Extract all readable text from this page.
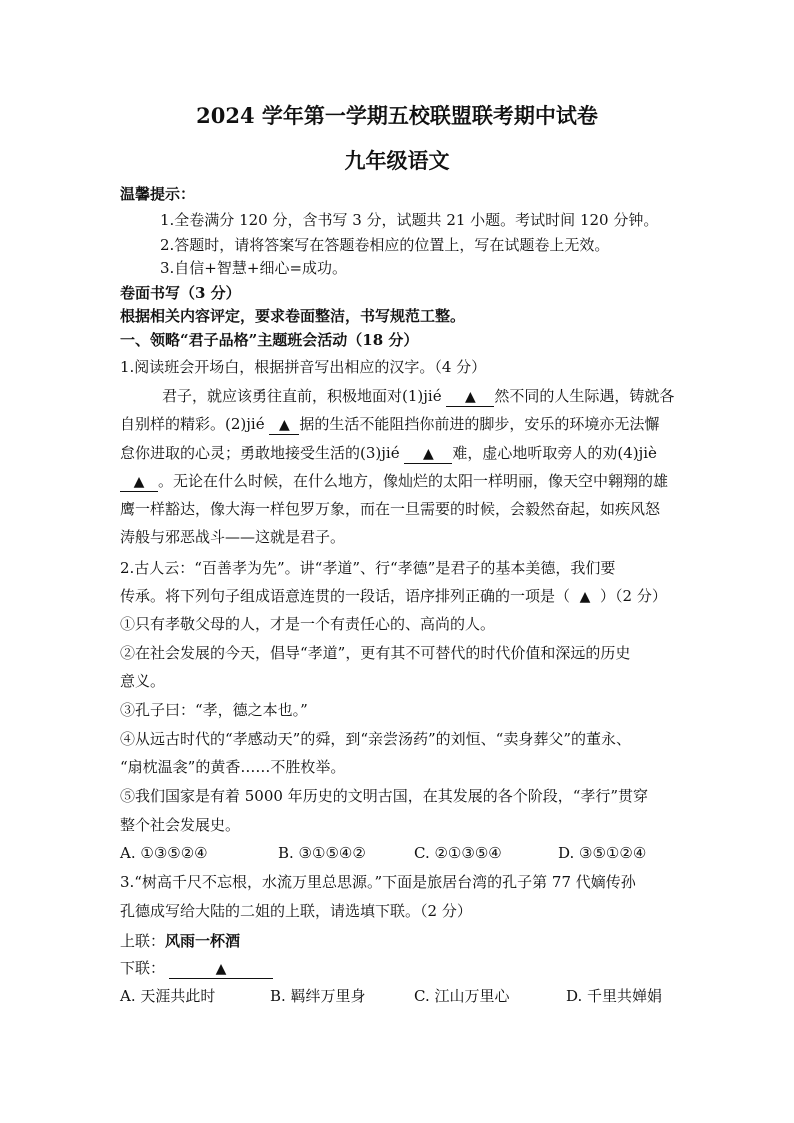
2024 学年第一学期五校联盟联考期中试卷
九年级语文
温馨提示：
1.全卷满分 120 分，含书写 3 分，试题共 21 小题。考试时间 120 分钟。
2.答题时，请将答案写在答题卷相应的位置上，写在试题卷上无效。
3.自信+智慧+细心=成功。
卷面书写（3 分）
根据相关内容评定，要求卷面整洁，书写规范工整。
一、领略“君子品格”主题班会活动（18 分）
1.阅读班会开场白，根据拼音写出相应的汉字。（4 分）
君子，就应该勇往直前，积极地面对(1)jié ▲ 然不同的人生际遇，铸就各
自别样的精彩。(2)jié ▲ 据的生活不能阻挡你前进的脚步，安乐的环境亦无法懈
怠你进取的心灵；勇敢地接受生活的(3)jié ▲ 难，虚心地听取旁人的劝(4)jiè
▲ 。无论在什么时候，在什么地方，像灿烂的太阳一样明丽，像天空中翱翔的雄
鹰一样豁达，像大海一样包罗万象，而在一旦需要的时候，会毅然奋起，如疾风怒
涛般与邪恶战斗——这就是君子。
2.古人云：“百善孝为先”。讲“孝道”、行“孝德”是君子的基本美德，我们要
传承。将下列句子组成语意连贯的一段话，语序排列正确的一项是（ ▲ ）（2 分）
①只有孝敬父母的人，才是一个有责任心的、高尚的人。
②在社会发展的今天，倡导“孝道”，更有其不可替代的时代价值和深远的历史
意义。
③孔子曰：“孝，德之本也。”
④从远古时代的“孝感动天”的舜，到“亲尝汤药”的刘恒、“卖身葬父”的董永、
“扇枕温衾”的黄香……不胜枚举。
⑤我们国家是有着 5000 年历史的文明古国，在其发展的各个阶段，“孝行”贯穿
整个社会发展史。
A. ①③⑤②④	B. ③①⑤④②	C. ②①③⑤④	D. ③⑤①②④
3.“树高千尺不忘根，水流万里总思源。”下面是旅居台湾的孔子第 77 代嫡传孙
孔德成写给大陆的二姐的上联，请选填下联。（2 分）
上联：风雨一杯酒
下联：	▲
A. 天涯共此时	B. 羁绊万里身	C. 江山万里心	D. 千里共婵娟
